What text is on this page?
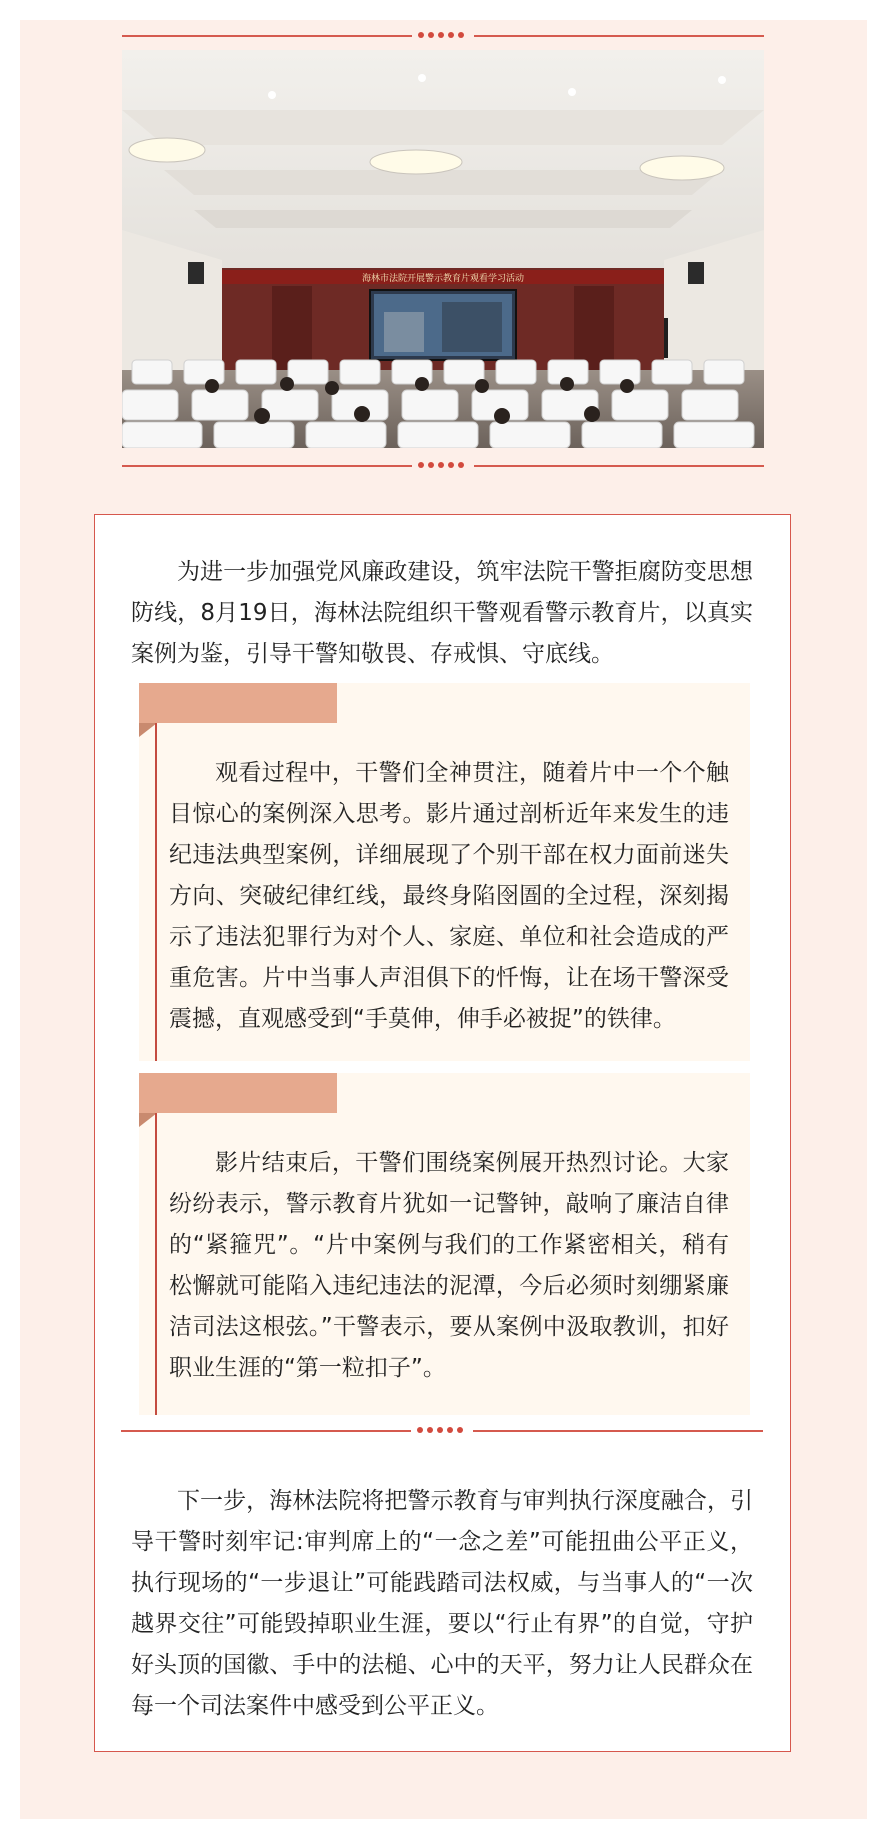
海林市法院开展警示教育片观看学习活动

为进一步加强党风廉政建设，筑牢法院干警拒腐防变思想防线，8月19日，海林法院组织干警观看警示教育片，以真实案例为鉴，引导干警知敬畏、存戒惧、守底线。

观看过程中，干警们全神贯注，随着片中一个个触目惊心的案例深入思考。影片通过剖析近年来发生的违纪违法典型案例，详细展现了个别干部在权力面前迷失方向、突破纪律红线，最终身陷囹圄的全过程，深刻揭示了违法犯罪行为对个人、家庭、单位和社会造成的严重危害。片中当事人声泪俱下的忏悔，让在场干警深受震撼，直观感受到“手莫伸，伸手必被捉”的铁律。

影片结束后，干警们围绕案例展开热烈讨论。大家纷纷表示，警示教育片犹如一记警钟，敲响了廉洁自律的“紧箍咒”。“片中案例与我们的工作紧密相关，稍有松懈就可能陷入违纪违法的泥潭，今后必须时刻绷紧廉洁司法这根弦。”干警表示，要从案例中汲取教训，扣好职业生涯的“第一粒扣子”。

下一步，海林法院将把警示教育与审判执行深度融合，引导干警时刻牢记:审判席上的“一念之差”可能扭曲公平正义，执行现场的“一步退让”可能践踏司法权威，与当事人的“一次越界交往”可能毁掉职业生涯，要以“行止有界”的自觉，守护好头顶的国徽、手中的法槌、心中的天平，努力让人民群众在每一个司法案件中感受到公平正义。
